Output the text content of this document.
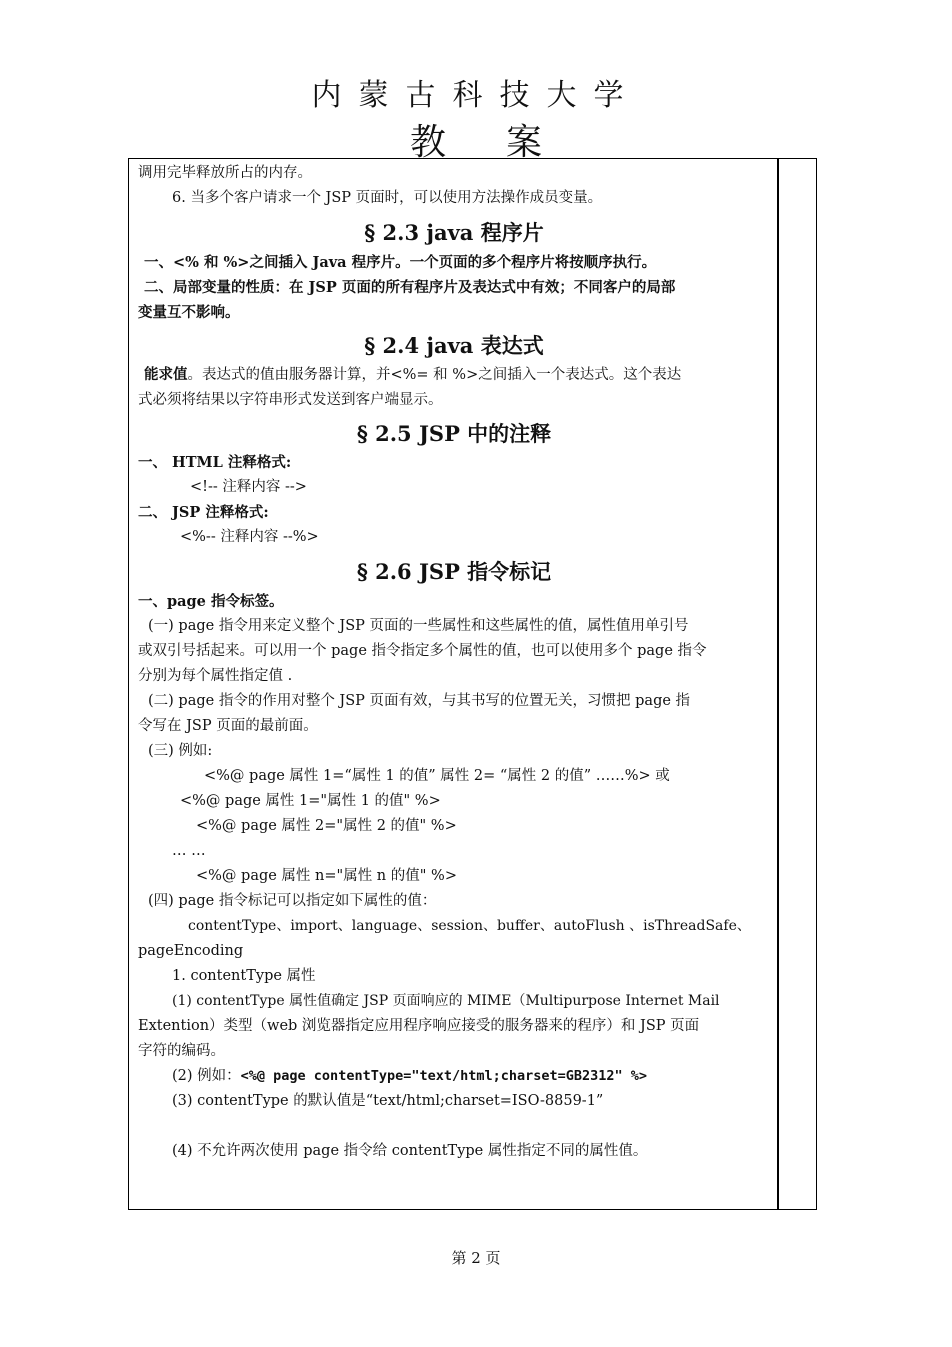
内蒙古科技大学
教 案
调用完毕释放所占的内存。
6. 当多个客户请求一个 JSP 页面时，可以使用方法操作成员变量。
§ 2.3 java 程序片
一、<% 和 %>之间插入 Java 程序片。一个页面的多个程序片将按顺序执行。
二、局部变量的性质：在 JSP 页面的所有程序片及表达式中有效；不同客户的局部
变量互不影响。
§ 2.4 java 表达式
能求值。表达式的值由服务器计算，并<%= 和 %>之间插入一个表达式。这个表达
式必须将结果以字符串形式发送到客户端显示。
§ 2.5 JSP 中的注释
一、 HTML 注释格式:
<!-- 注释内容 -->
二、 JSP 注释格式:
<%-- 注释内容 --%>
§ 2.6 JSP 指令标记
一、page 指令标签。
(一) page 指令用来定义整个 JSP 页面的一些属性和这些属性的值，属性值用单引号
或双引号括起来。可以用一个 page 指令指定多个属性的值，也可以使用多个 page 指令
分别为每个属性指定值 .
(二) page 指令的作用对整个 JSP 页面有效，与其书写的位置无关，习惯把 page 指
令写在 JSP 页面的最前面。
(三) 例如:
<%@ page 属性 1=“属性 1 的值” 属性 2= “属性 2 的值” ……%> 或
<%@ page 属性 1="属性 1 的值" %>
<%@ page 属性 2="属性 2 的值" %>
… …
<%@ page 属性 n="属性 n 的值" %>
(四) page 指令标记可以指定如下属性的值：
contentType、import、language、session、buffer、autoFlush 、isThreadSafe、
pageEncoding
1. contentType 属性
(1) contentType 属性值确定 JSP 页面响应的 MIME（Multipurpose Internet Mail
Extention）类型（web 浏览器指定应用程序响应接受的服务器来的程序）和 JSP 页面
字符的编码。
(2) 例如：<%@ page contentType="text/html;charset=GB2312" %>
(3) contentType 的默认值是“text/html;charset=ISO-8859-1”
(4) 不允许两次使用 page 指令给 contentType 属性指定不同的属性值。
第 2 页
